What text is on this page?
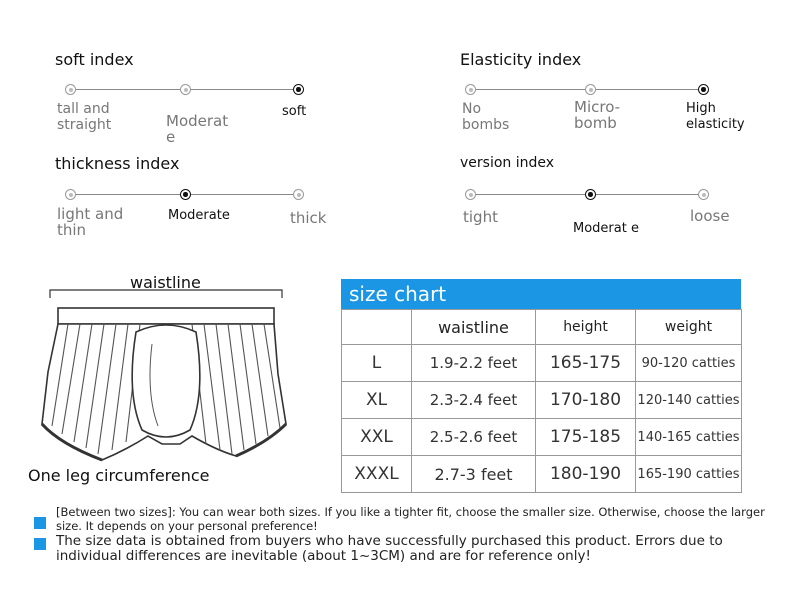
soft index
tall and straight	Moderat e
soft
Elasticity index
No bombs
Micro- bomb
High elasticity
thickness index
light and thin
Moderate	thick
version index
tight
Moderat e
loose
waistline
One leg circumference
size chart
	waistline	height	weight
L	1.9-2.2 feet	165-175	90-120 catties
XL	2.3-2.4 feet	170-180	120-140 catties
XXL	2.5-2.6 feet	175-185	140-165 catties
XXXL	2.7-3 feet	180-190	165-190 catties
[Between two sizes]: You can wear both sizes. If you like a tighter fit, choose the smaller size. Otherwise, choose the larger size. It depends on your personal preference!
The size data is obtained from buyers who have successfully purchased this product. Errors due to individual differences are inevitable (about 1~3CM) and are for reference only!
